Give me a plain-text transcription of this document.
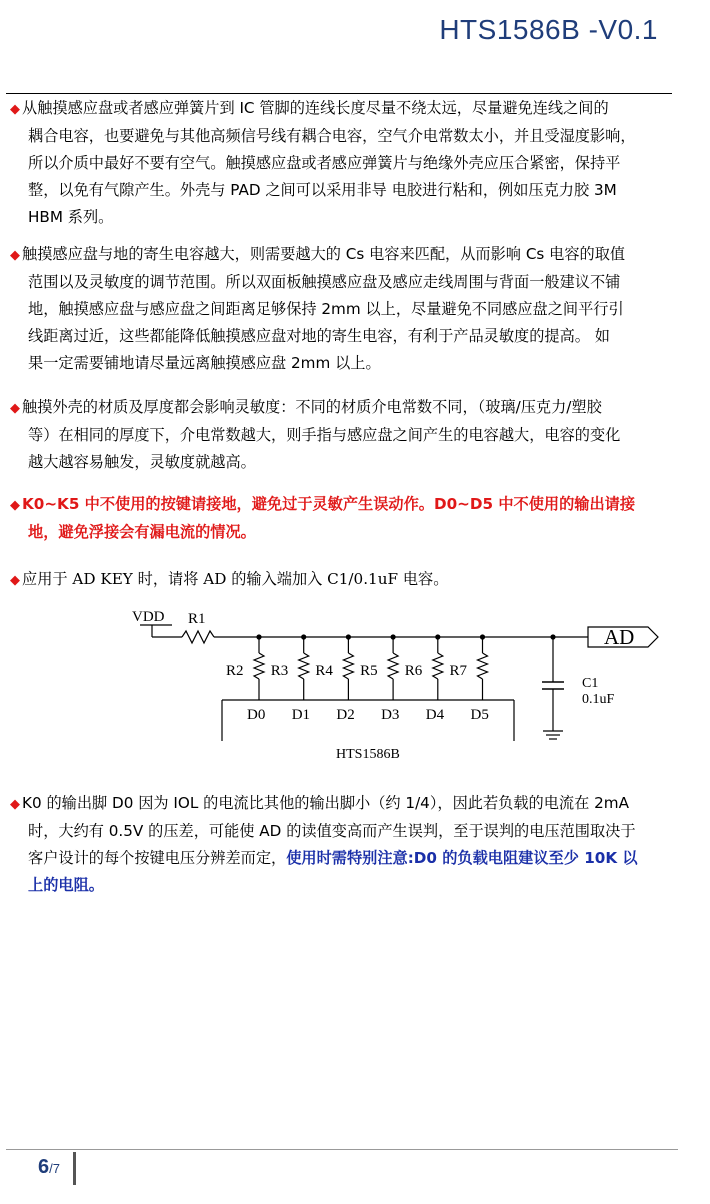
HTS1586B -V0.1
◆ 从触摸感应盘或者感应弹簧片到 IC 管脚的连线长度尽量不绕太远，尽量避免连线之间的
耦合电容，也要避免与其他高频信号线有耦合电容，空气介电常数太小，并且受湿度影响，
所以介质中最好不要有空气。触摸感应盘或者感应弹簧片与绝缘外壳应压合紧密，保持平
整，以免有气隙产生。外壳与 PAD 之间可以采用非导 电胶进行粘和，例如压克力胶 3M
HBM 系列。
◆ 触摸感应盘与地的寄生电容越大，则需要越大的 Cs 电容来匹配，从而影响 Cs 电容的取值
范围以及灵敏度的调节范围。所以双面板触摸感应盘及感应走线周围与背面一般建议不铺
地，触摸感应盘与感应盘之间距离足够保持 2mm 以上，尽量避免不同感应盘之间平行引
线距离过近，这些都能降低触摸感应盘对地的寄生电容，有利于产品灵敏度的提高。 如
果一定需要铺地请尽量远离触摸感应盘 2mm 以上。
◆ 触摸外壳的材质及厚度都会影响灵敏度：不同的材质介电常数不同，（玻璃/压克力/塑胶
等）在相同的厚度下，介电常数越大，则手指与感应盘之间产生的电容越大，电容的变化
越大越容易触发，灵敏度就越高。
◆ K0~K5 中不使用的按键请接地，避免过于灵敏产生误动作。D0~D5 中不使用的输出请接
地，避免浮接会有漏电流的情况。
◆ 应用于 AD KEY 时，请将 AD 的输入端加入 C1/0.1uF 电容。
VDD R1
R2
D0
R3
D1
R4
D2
R5
D3
R6
D4
R7
D5
HTS1586B
AD
C1
0.1uF
◆ K0 的输出脚 D0 因为 IOL 的电流比其他的输出脚小（约 1/4），因此若负载的电流在 2mA
时，大约有 0.5V 的压差，可能使 AD 的读值变高而产生误判，至于误判的电压范围取决于
客户设计的每个按键电压分辨差而定，使用时需特别注意:D0 的负载电阻建议至少 10K 以
上的电阻。
6/7
